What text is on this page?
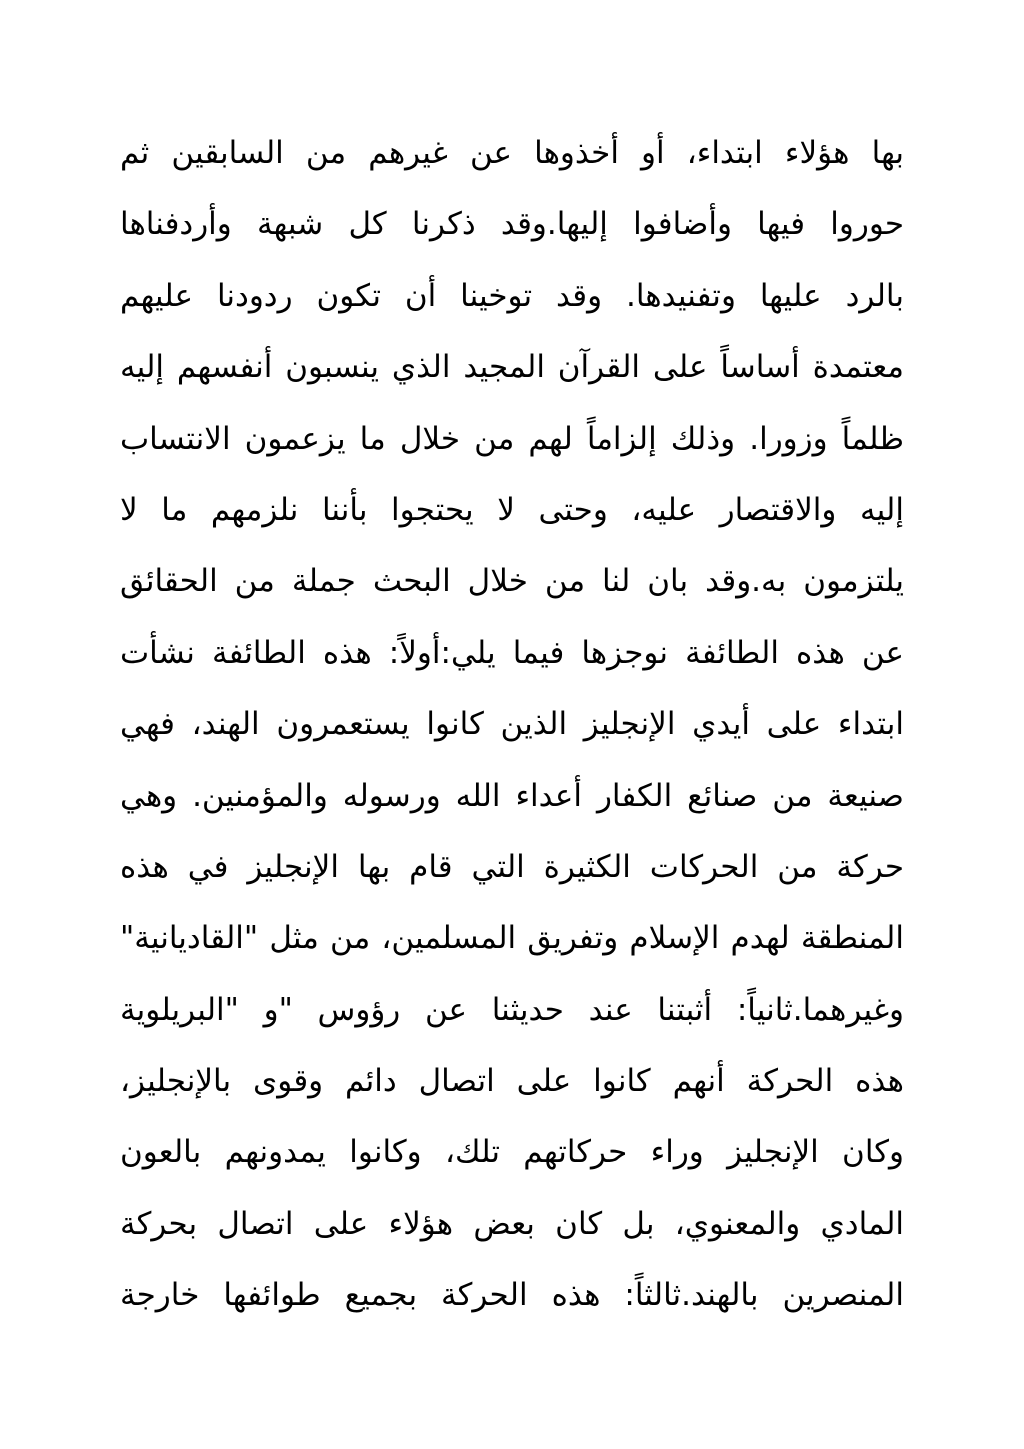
بها هؤلاء ابتداء، أو أخذوها عن غيرهم من السابقين ثم
حوروا فيها وأضافوا إليها.وقد ذكرنا كل شبهة وأردفناها
بالرد عليها وتفنيدها. وقد توخينا أن تكون ردودنا عليهم
معتمدة أساساً على القرآن المجيد الذي ينسبون أنفسهم إليه
ظلماً وزورا. وذلك إلزاماً لهم من خلال ما يزعمون الانتساب
إليه والاقتصار عليه، وحتى لا يحتجوا بأننا نلزمهم ما لا
يلتزمون به.وقد بان لنا من خلال البحث جملة من الحقائق
عن هذه الطائفة نوجزها فيما يلي:أولاً: هذه الطائفة نشأت
ابتداء على أيدي الإنجليز الذين كانوا يستعمرون الهند، فهي
صنيعة من صنائع الكفار أعداء الله ورسوله والمؤمنين. وهي
حركة من الحركات الكثيرة التي قام بها الإنجليز في هذه
المنطقة لهدم الإسلام وتفريق المسلمين، من مثل "القاديانية"
وغيرهما.ثانياً: أثبتنا عند حديثنا عن رؤوس "و "البريلوية
هذه الحركة أنهم كانوا على اتصال دائم وقوى بالإنجليز،
وكان الإنجليز وراء حركاتهم تلك، وكانوا يمدونهم بالعون
المادي والمعنوي، بل كان بعض هؤلاء على اتصال بحركة
المنصرين بالهند.ثالثاً: هذه الحركة بجميع طوائفها خارجة
